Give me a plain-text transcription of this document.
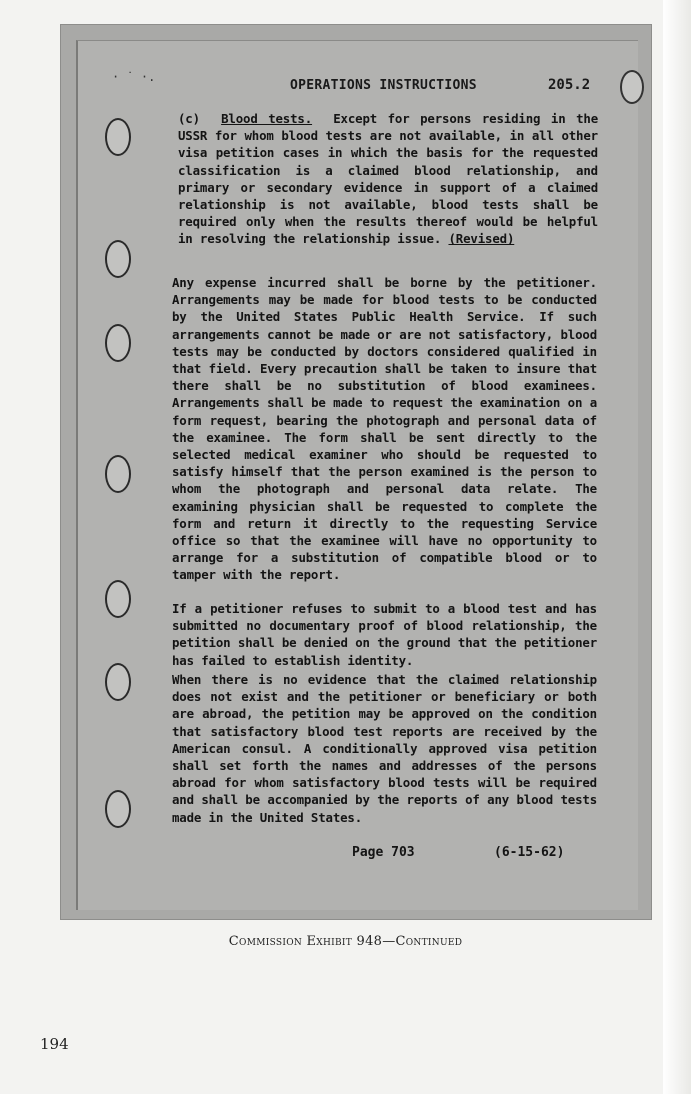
· ˙ ·.
OPERATIONS INSTRUCTIONS	205.2

(c) Blood tests. Except for persons residing in the USSR for whom blood tests are not available, in all other visa petition cases in which the basis for the requested classification is a claimed blood relationship, and primary or secondary evidence in support of a claimed relationship is not available, blood tests shall be required only when the results thereof would be helpful in resolving the relationship issue. (Revised)

Any expense incurred shall be borne by the petitioner. Arrangements may be made for blood tests to be conducted by the United States Public Health Service. If such arrangements cannot be made or are not satisfactory, blood tests may be conducted by doctors considered qualified in that field. Every precaution shall be taken to insure that there shall be no substitution of blood examinees. Arrangements shall be made to request the examination on a form request, bearing the photograph and personal data of the examinee. The form shall be sent directly to the selected medical examiner who should be requested to satisfy himself that the person examined is the person to whom the photograph and personal data relate. The examining physician shall be requested to complete the form and return it directly to the requesting Service office so that the examinee will have no opportunity to arrange for a substitution of compatible blood or to tamper with the report.

If a petitioner refuses to submit to a blood test and has submitted no documentary proof of blood relationship, the petition shall be denied on the ground that the petitioner has failed to establish identity.

When there is no evidence that the claimed relationship does not exist and the petitioner or beneficiary or both are abroad, the petition may be approved on the condition that satisfactory blood test reports are received by the American consul. A conditionally approved visa petition shall set forth the names and addresses of the persons abroad for whom satisfactory blood tests will be required and shall be accompanied by the reports of any blood tests made in the United States.

Page 703	(6-15-62)
Commission Exhibit 948—Continued
194
